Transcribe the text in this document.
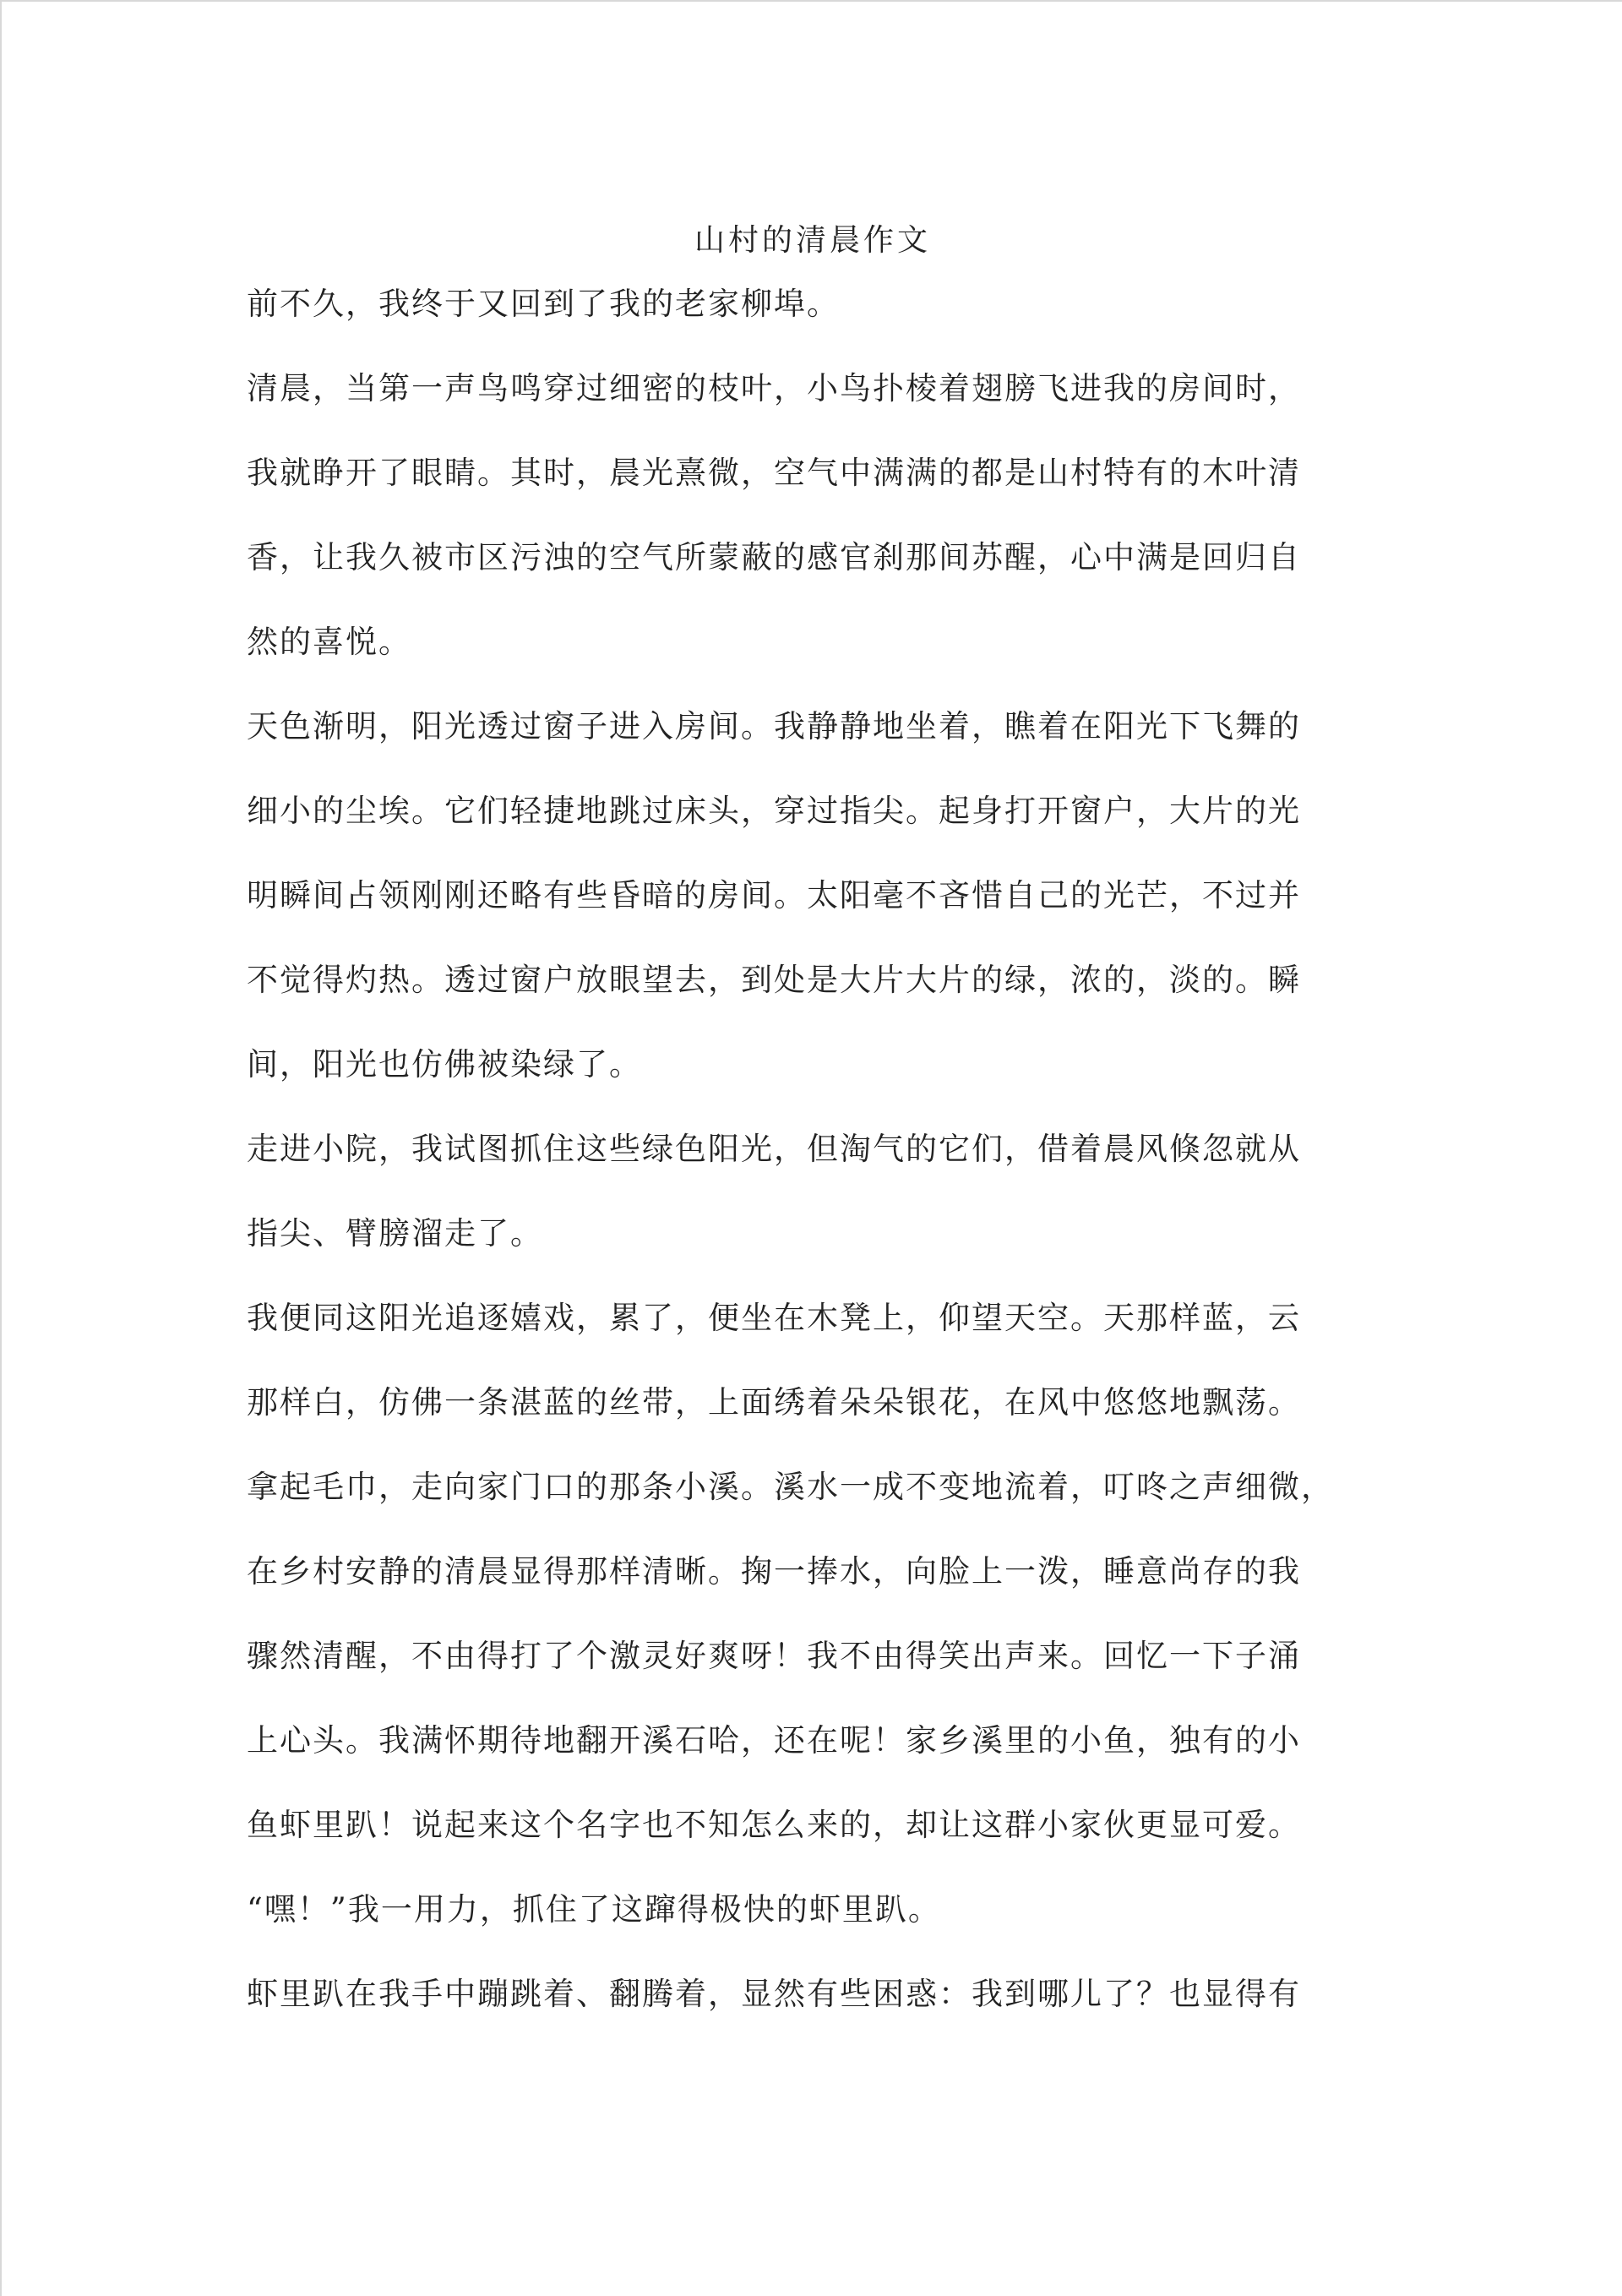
山村的清晨作文
前不久，我终于又回到了我的老家柳埠。
清晨，当第一声鸟鸣穿过细密的枝叶，小鸟扑棱着翅膀飞进我的房间时，
我就睁开了眼睛。其时，晨光熹微，空气中满满的都是山村特有的木叶清
香，让我久被市区污浊的空气所蒙蔽的感官刹那间苏醒，心中满是回归自
然的喜悦。
天色渐明，阳光透过窗子进入房间。我静静地坐着，瞧着在阳光下飞舞的
细小的尘埃。它们轻捷地跳过床头，穿过指尖。起身打开窗户，大片的光
明瞬间占领刚刚还略有些昏暗的房间。太阳毫不吝惜自己的光芒，不过并
不觉得灼热。透过窗户放眼望去，到处是大片大片的绿，浓的，淡的。瞬
间，阳光也仿佛被染绿了。
走进小院，我试图抓住这些绿色阳光，但淘气的它们，借着晨风倏忽就从
指尖、臂膀溜走了。
我便同这阳光追逐嬉戏，累了，便坐在木凳上，仰望天空。天那样蓝，云
那样白，仿佛一条湛蓝的丝带，上面绣着朵朵银花，在风中悠悠地飘荡。
拿起毛巾，走向家门口的那条小溪。溪水一成不变地流着，叮咚之声细微，
在乡村安静的清晨显得那样清晰。掬一捧水，向脸上一泼，睡意尚存的我
骤然清醒，不由得打了个激灵好爽呀！我不由得笑出声来。回忆一下子涌
上心头。我满怀期待地翻开溪石哈，还在呢！家乡溪里的小鱼，独有的小
鱼虾里趴！说起来这个名字也不知怎么来的，却让这群小家伙更显可爱。
“嘿！”我一用力，抓住了这蹿得极快的虾里趴。
虾里趴在我手中蹦跳着、翻腾着，显然有些困惑：我到哪儿了？也显得有
